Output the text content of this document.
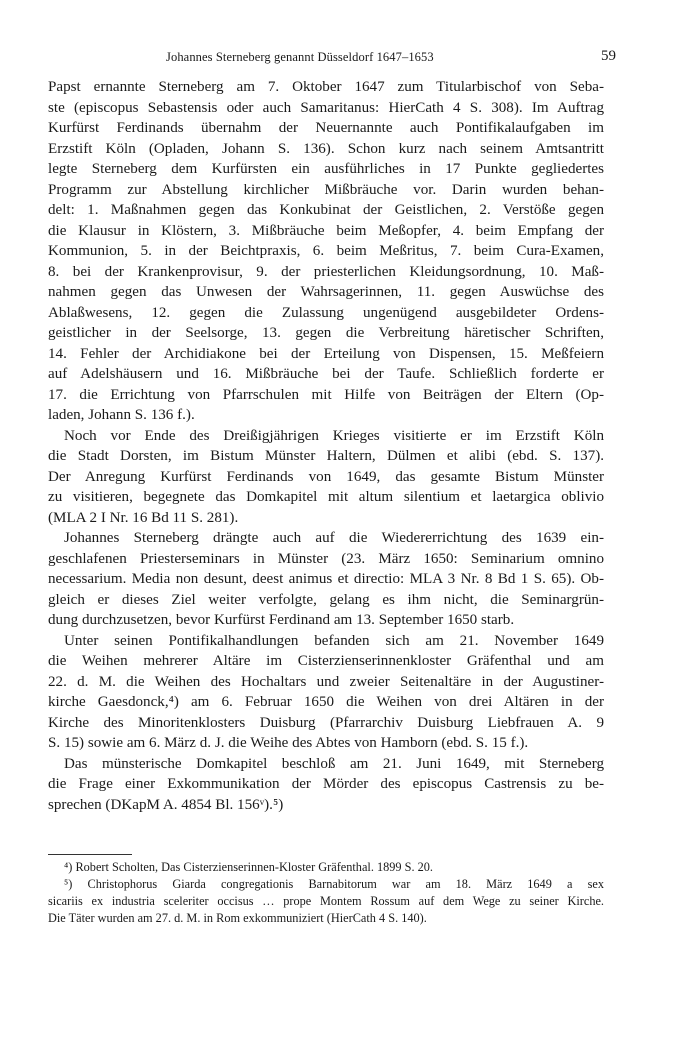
Johannes Sterneberg genannt Düsseldorf 1647–1653	59
Papst ernannte Sterneberg am 7. Oktober 1647 zum Titularbischof von Seba-
ste (episcopus Sebastensis oder auch Samaritanus: HierCath 4 S. 308). Im Auftrag
Kurfürst Ferdinands übernahm der Neuernannte auch Pontifikalaufgaben im
Erzstift Köln (Opladen, Johann S. 136). Schon kurz nach seinem Amtsantritt
legte Sterneberg dem Kurfürsten ein ausführliches in 17 Punkte gegliedertes
Programm zur Abstellung kirchlicher Mißbräuche vor. Darin wurden behan-
delt: 1. Maßnahmen gegen das Konkubinat der Geistlichen, 2. Verstöße gegen
die Klausur in Klöstern, 3. Mißbräuche beim Meßopfer, 4. beim Empfang der
Kommunion, 5. in der Beichtpraxis, 6. beim Meßritus, 7. beim Cura-Examen,
8. bei der Krankenprovisur, 9. der priesterlichen Kleidungsordnung, 10. Maß-
nahmen gegen das Unwesen der Wahrsagerinnen, 11. gegen Auswüchse des
Ablaßwesens, 12. gegen die Zulassung ungenügend ausgebildeter Ordens-
geistlicher in der Seelsorge, 13. gegen die Verbreitung häretischer Schriften,
14. Fehler der Archidiakone bei der Erteilung von Dispensen, 15. Meßfeiern
auf Adelshäusern und 16. Mißbräuche bei der Taufe. Schließlich forderte er
17. die Errichtung von Pfarrschulen mit Hilfe von Beiträgen der Eltern (Op-
laden, Johann S. 136 f.).
Noch vor Ende des Dreißigjährigen Krieges visitierte er im Erzstift Köln
die Stadt Dorsten, im Bistum Münster Haltern, Dülmen et alibi (ebd. S. 137).
Der Anregung Kurfürst Ferdinands von 1649, das gesamte Bistum Münster
zu visitieren, begegnete das Domkapitel mit altum silentium et laetargica oblivio
(MLA 2 I Nr. 16 Bd 11 S. 281).
Johannes Sterneberg drängte auch auf die Wiedererrichtung des 1639 ein-
geschlafenen Priesterseminars in Münster (23. März 1650: Seminarium omnino
necessarium. Media non desunt, deest animus et directio: MLA 3 Nr. 8 Bd 1 S. 65). Ob-
gleich er dieses Ziel weiter verfolgte, gelang es ihm nicht, die Seminargrün-
dung durchzusetzen, bevor Kurfürst Ferdinand am 13. September 1650 starb.
Unter seinen Pontifikalhandlungen befanden sich am 21. November 1649
die Weihen mehrerer Altäre im Cisterzienserinnenkloster Gräfenthal und am
22. d. M. die Weihen des Hochaltars und zweier Seitenaltäre in der Augustiner-
kirche Gaesdonck,⁴) am 6. Februar 1650 die Weihen von drei Altären in der
Kirche des Minoritenklosters Duisburg (Pfarrarchiv Duisburg Liebfrauen A. 9
S. 15) sowie am 6. März d. J. die Weihe des Abtes von Hamborn (ebd. S. 15 f.).
Das münsterische Domkapitel beschloß am 21. Juni 1649, mit Sterneberg
die Frage einer Exkommunikation der Mörder des episcopus Castrensis zu be-
sprechen (DKapM A. 4854 Bl. 156ᵛ).⁵)
⁴) Robert Scholten, Das Cisterzienserinnen-Kloster Gräfenthal. 1899 S. 20.
⁵) Christophorus Giarda congregationis Barnabitorum war am 18. März 1649 a sex
sicariis ex industria sceleriter occisus … prope Montem Rossum auf dem Wege zu seiner Kirche.
Die Täter wurden am 27. d. M. in Rom exkommuniziert (HierCath 4 S. 140).
